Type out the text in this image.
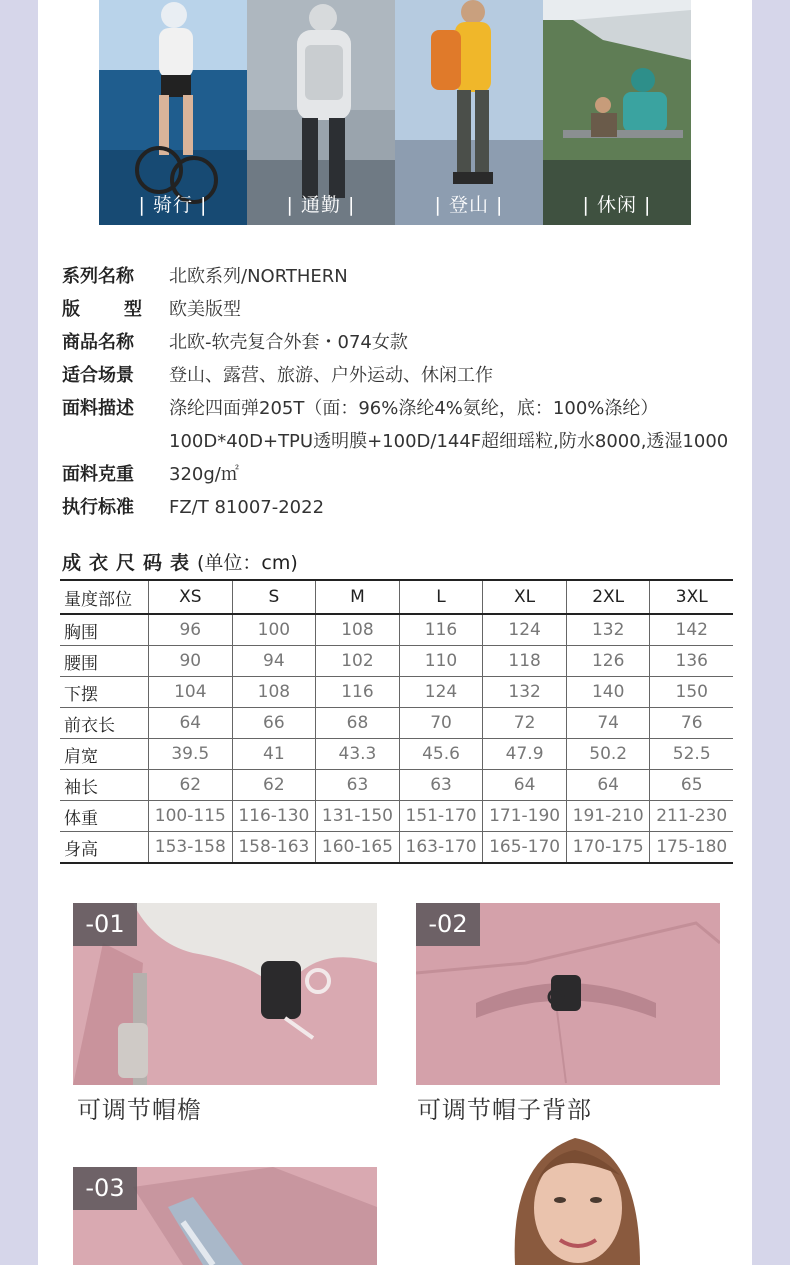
| 骑行 |	| 通勤 |	| 登山 |	| 休闲 |
系列名称	北欧系列/NORTHERN
版 型 欧美版型
商品名称	北欧-软壳复合外套・074女款
适合场景	登山、露营、旅游、户外运动、休闲工作
面料描述	涤纶四面弹205T（面：96%涤纶4%氨纶，底：100%涤纶）
100D*40D+TPU透明膜+100D/144F超细瑶粒,防水8000,透湿1000
面料克重	320g/㎡
执行标准	FZ/T 81007-2022
成衣尺码表(单位：cm)
量度部位	XS	S	M	L	XL	2XL	3XL
胸围	96	100	108	116	124	132	142
腰围	90	94	102	110	118	126	136
下摆	104	108	116	124	132	140	150
前衣长	64	66	68	70	72	74	76
肩宽	39.5	41	43.3	45.6	47.9	50.2	52.5
袖长	62	62	63	63	64	64	65
体重	100-115	116-130	131-150	151-170	171-190	191-210	211-230
身高	153-158	158-163	160-165	163-170	165-170	170-175	175-180
-01
可调节帽檐
-02
可调节帽子背部
-03
